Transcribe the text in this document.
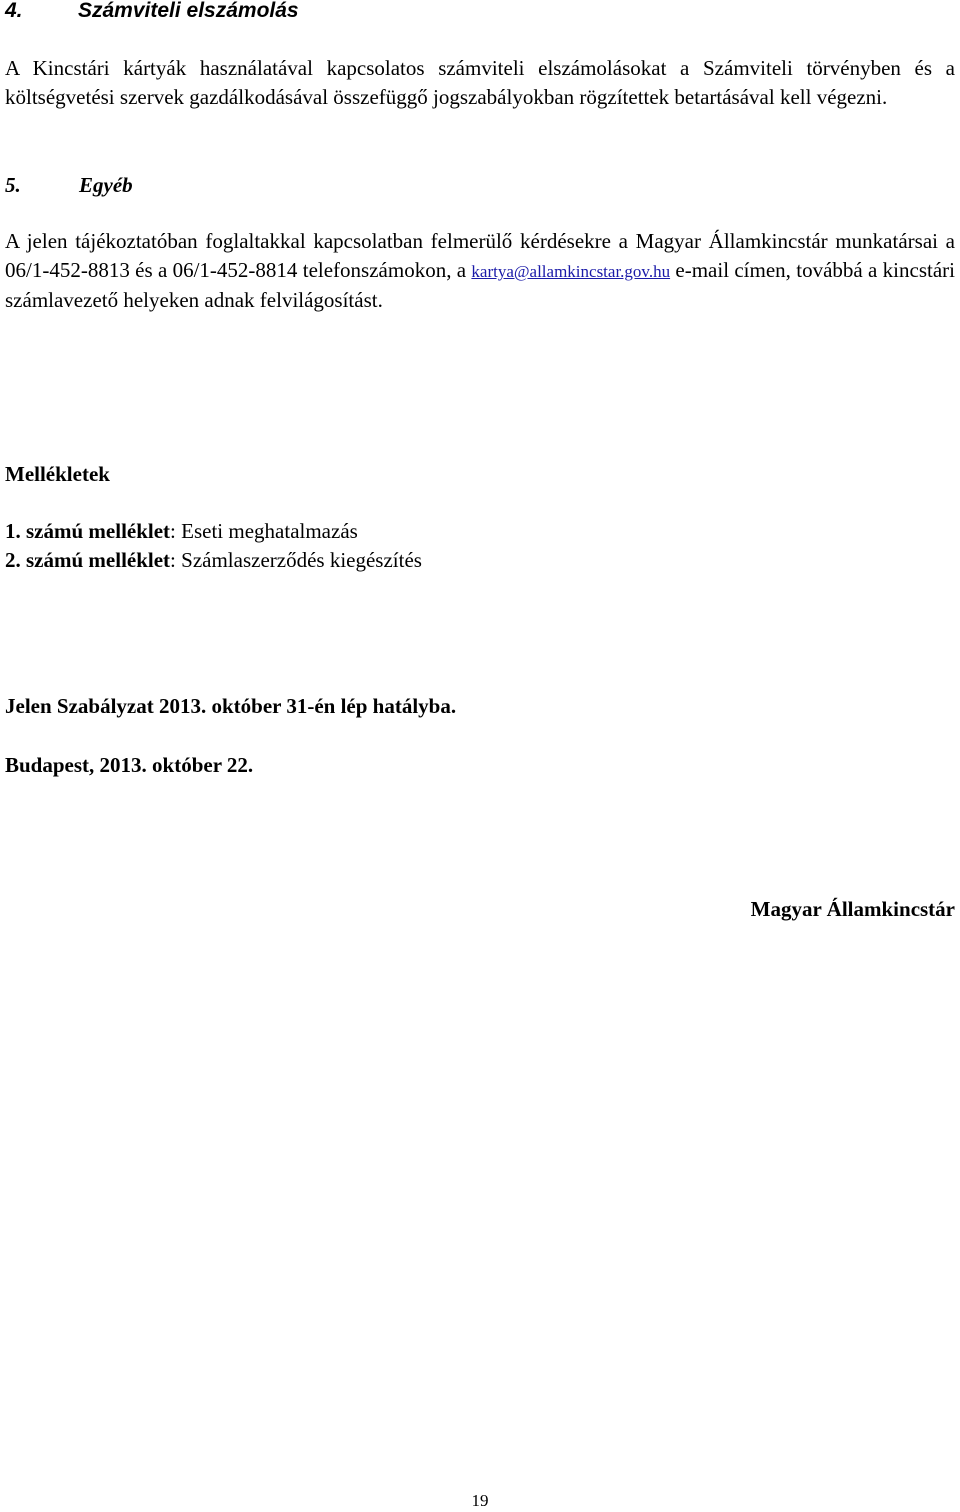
4.	Számviteli elszámolás

A Kincstári kártyák használatával kapcsolatos számviteli elszámolásokat a Számviteli törvényben és a költségvetési szervek gazdálkodásával összefüggő jogszabályokban rögzítettek betartásával kell végezni.

5.	Egyéb

A jelen tájékoztatóban foglaltakkal kapcsolatban felmerülő kérdésekre a Magyar Államkincstár munkatársai a 06/1-452-8813 és a 06/1-452-8814 telefonszámokon, a kartya@allamkincstar.gov.hu e-mail címen, továbbá a kincstári számlavezető helyeken adnak felvilágosítást.

Mellékletek
1. számú melléklet: Eseti meghatalmazás
2. számú melléklet: Számlaszerződés kiegészítés
Jelen Szabályzat 2013. október 31-én lép hatályba.
Budapest, 2013. október 22.
Magyar Államkincstár
19
